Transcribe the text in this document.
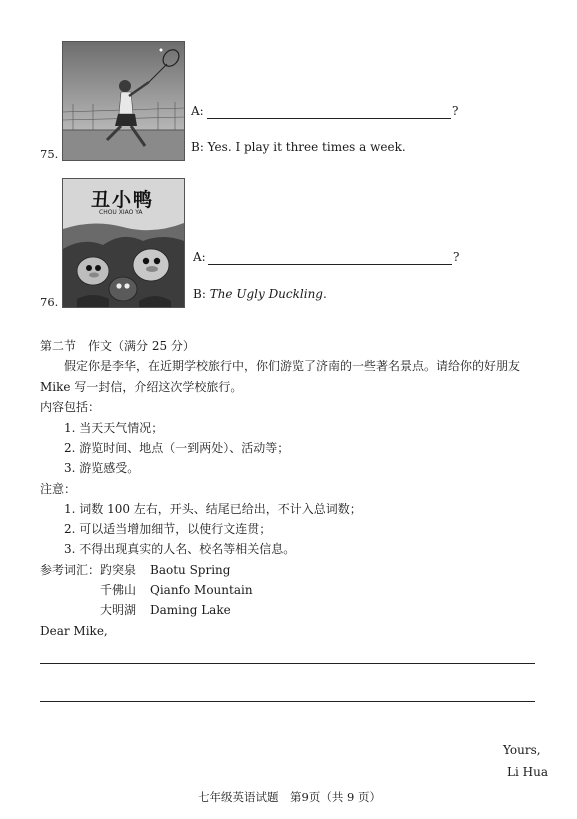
75.
A:	?
B: Yes. I play it three times a week.
丑小鸭
CHOU XIAO YA
76.
A:	?
B: The Ugly Duckling.
第二节　作文（满分 25 分）
假定你是李华，在近期学校旅行中，你们游览了济南的一些著名景点。请给你的好朋友
Mike 写一封信，介绍这次学校旅行。
内容包括：
1. 当天天气情况；
2. 游览时间、地点（一到两处）、活动等；
3. 游览感受。
注意：
1. 词数 100 左右，开头、结尾已给出，不计入总词数；
2. 可以适当增加细节，以使行文连贯；
3. 不得出现真实的人名、校名等相关信息。
参考词汇： 趵突泉 Baotu Spring
千佛山 Qianfo Mountain
大明湖 Daming Lake
Dear Mike,
Yours,
Li Hua
七年级英语试题　第9页（共 9 页）
